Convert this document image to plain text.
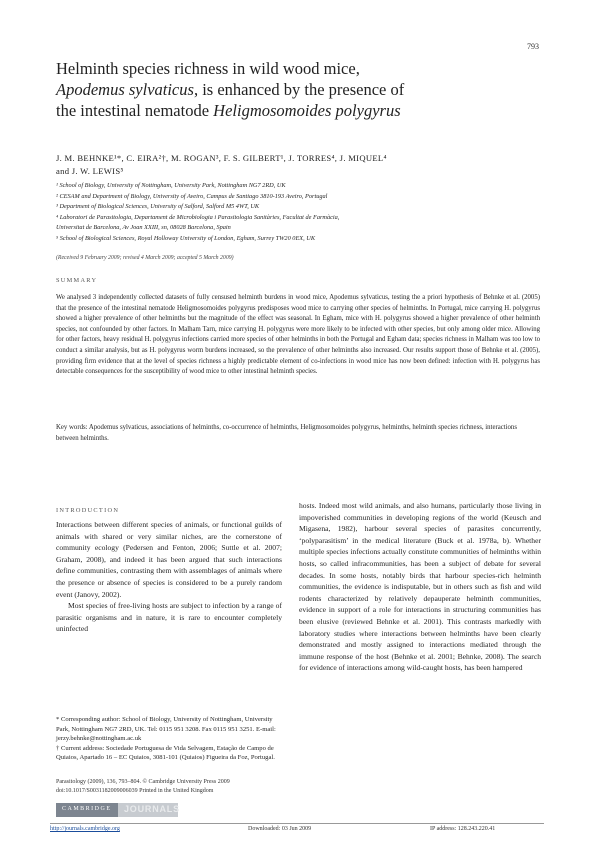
793
Helminth species richness in wild wood mice,
Apodemus sylvaticus, is enhanced by the presence of
the intestinal nematode Heligmosomoides polygyrus
J. M. BEHNKE¹*, C. EIRA²†, M. ROGAN³, F. S. GILBERT¹, J. TORRES⁴, J. MIQUEL⁴
and J. W. LEWIS⁵
¹ School of Biology, University of Nottingham, University Park, Nottingham NG7 2RD, UK
² CESAM and Department of Biology, University of Aveiro, Campus de Santiago 3810-193 Aveiro, Portugal
³ Department of Biological Sciences, University of Salford, Salford M5 4WT, UK
⁴ Laboratori de Parasitologia, Departament de Microbiologia i Parasitologia Sanitàries, Facultat de Farmàcia,
Universitat de Barcelona, Av Joan XXIII, sn, 08028 Barcelona, Spain
⁵ School of Biological Sciences, Royal Holloway University of London, Egham, Surrey TW20 0EX, UK
(Received 9 February 2009; revised 4 March 2009; accepted 5 March 2009)
SUMMARY

We analysed 3 independently collected datasets of fully censused helminth burdens in wood mice, Apodemus sylvaticus, testing the a priori hypothesis of Behnke et al. (2005) that the presence of the intestinal nematode Heligmosomoides polygyrus predisposes wood mice to carrying other species of helminths. In Portugal, mice carrying H. polygyrus showed a higher prevalence of other helminths but the magnitude of the effect was seasonal. In Egham, mice with H. polygyrus showed a higher prevalence of other helminth species, not confounded by other factors. In Malham Tarn, mice carrying H. polygyrus were more likely to be infected with other species, but only among older mice. Allowing for other factors, heavy residual H. polygyrus infections carried more species of other helminths in both the Portugal and Egham data; species richness in Malham was too low to conduct a similar analysis, but as H. polygyrus worm burdens increased, so the prevalence of other helminths also increased. Our results support those of Behnke et al. (2005), providing firm evidence that at the level of species richness a highly predictable element of co-infections in wood mice has now been defined: infection with H. polygyrus has detectable consequences for the susceptibility of wood mice to other intestinal helminth species.

Key words: Apodemus sylvaticus, associations of helminths, co-occurrence of helminths, Heligmosomoides polygyrus, helminths, helminth species richness, interactions between helminths.

INTRODUCTION

Interactions between different species of animals, or functional guilds of animals with shared or very similar niches, are the cornerstone of community ecology (Pedersen and Fenton, 2006; Suttle et al. 2007; Graham, 2008), and indeed it has been argued that such interactions define communities, contrasting them with assemblages of animals where the presence or absence of species is considered to be a purely random event (Janovy, 2002).

Most species of free-living hosts are subject to infection by a range of parasitic organisms and in nature, it is rare to encounter completely uninfected

hosts. Indeed most wild animals, and also humans, particularly those living in impoverished communities in developing regions of the world (Keusch and Migasena, 1982), harbour several species of parasites concurrently, ‘polyparasitism’ in the medical literature (Buck et al. 1978a, b). Whether multiple species infections actually constitute communities of helminths within hosts, so called infracommunities, has been a subject of debate for several decades. In some hosts, notably birds that harbour species-rich helminth communities, the evidence is indisputable, but in others such as fish and wild rodents characterized by relatively depauperate helminth communities, evidence in support of a role for interactions in structuring communities has been elusive (reviewed Behnke et al. 2001). This contrasts markedly with laboratory studies where interactions between helminths have been clearly demonstrated and mostly assigned to interactions mediated through the immune response of the host (Behnke et al. 2001; Behnke, 2008). The search for evidence of interactions among wild-caught hosts, has been hampered

* Corresponding author: School of Biology, University of Nottingham, University Park, Nottingham NG7 2RD, UK. Tel: 0115 951 3208. Fax 0115 951 3251. E-mail: jerzy.behnke@nottingham.ac.uk

† Current address: Sociedade Portuguesa de Vida Selvagem, Estação de Campo de Quiaios, Apartado 16 – EC Quiaios, 3081-101 (Quiaios) Figueira da Foz, Portugal.

Parasitology (2009), 136, 793–804. © Cambridge University Press 2009
doi:10.1017/S0031182009006039 Printed in the United Kingdom
CAMBRIDGE	JOURNALS
http://journals.cambridge.org	Downloaded: 03 Jun 2009	IP address: 128.243.220.41
